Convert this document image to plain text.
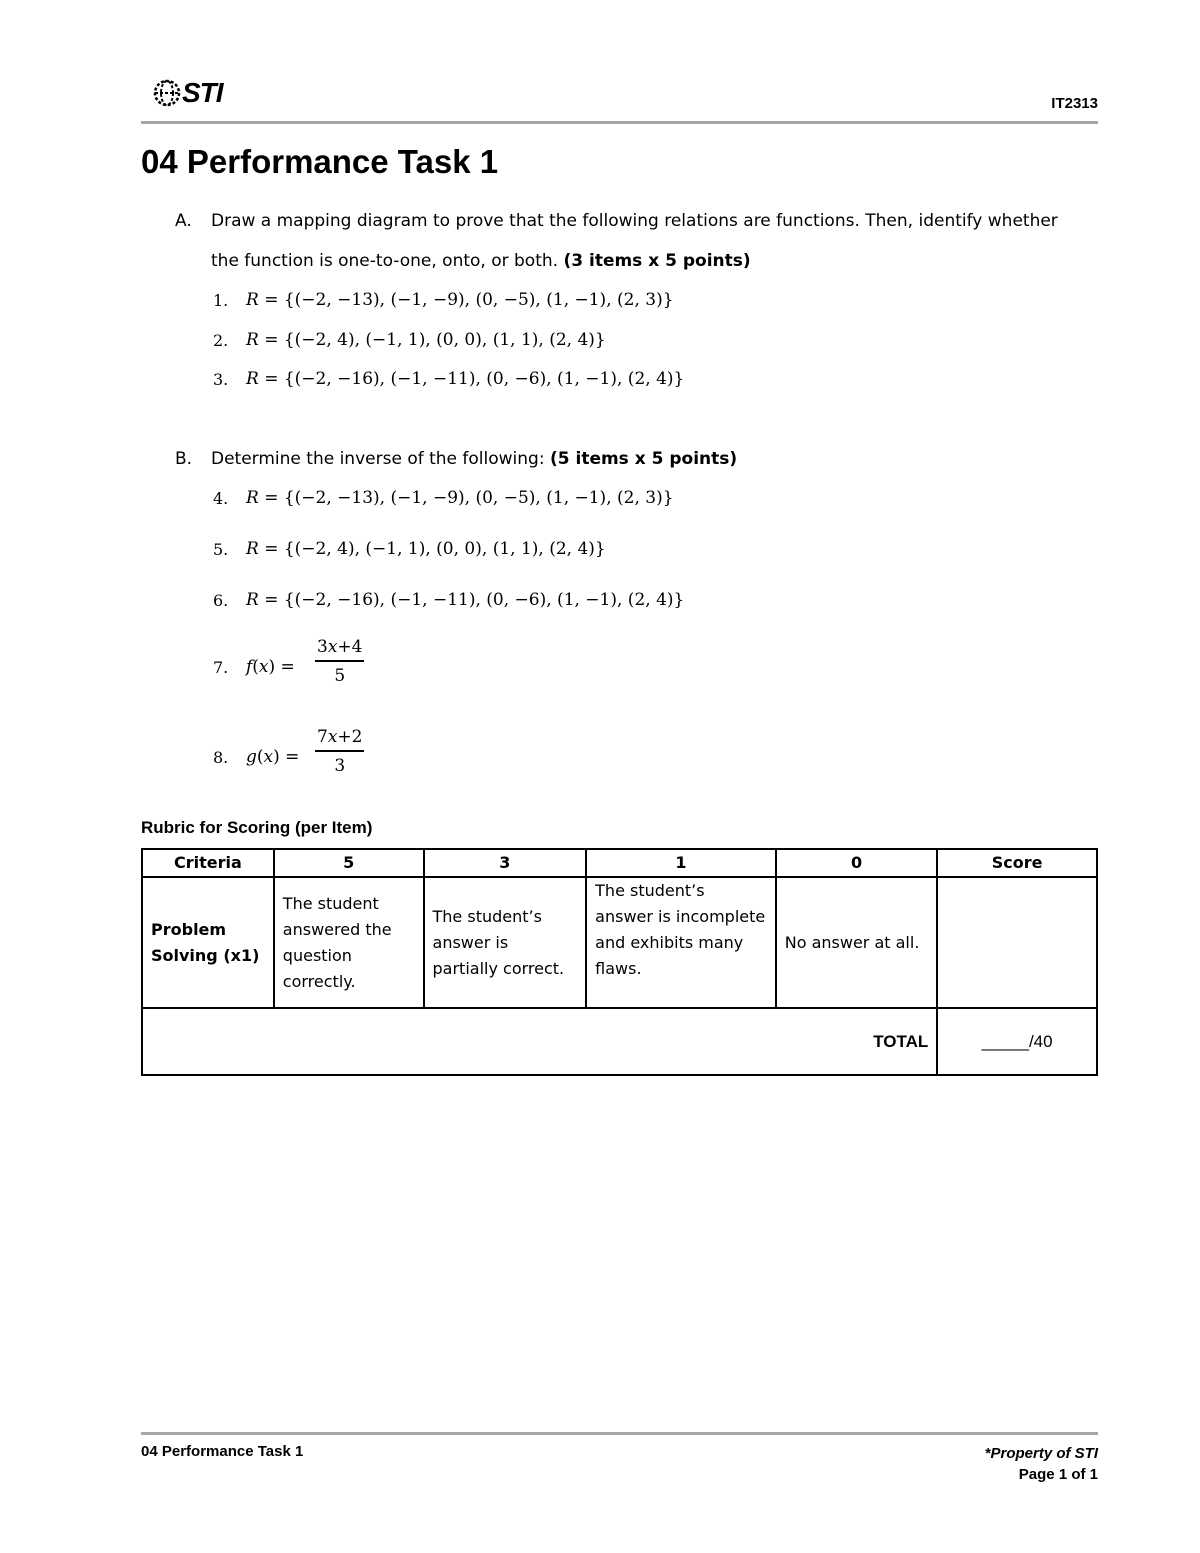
STI	IT2313
04 Performance Task 1
A. Draw a mapping diagram to prove that the following relations are functions. Then, identify whether
the function is one-to-one, onto, or both. (3 items x 5 points)
1. 𝑅 = {(−2, −13), (−1, −9), (0, −5), (1, −1), (2, 3)}
2. 𝑅 = {(−2, 4), (−1, 1), (0, 0), (1, 1), (2, 4)}
3. 𝑅 = {(−2, −16), (−1, −11), (0, −6), (1, −1), (2, 4)}
B. Determine the inverse of the following: (5 items x 5 points)
4. 𝑅 = {(−2, −13), (−1, −9), (0, −5), (1, −1), (2, 3)}
5. 𝑅 = {(−2, 4), (−1, 1), (0, 0), (1, 1), (2, 4)}
6. 𝑅 = {(−2, −16), (−1, −11), (0, −6), (1, −1), (2, 4)}
7. 𝑓(𝑥) =
3𝑥+4
5
8. 𝑔(𝑥) =
7𝑥+2
3
Rubric for Scoring (per Item)
Criteria	5	3	1	0	Score
Problem Solving (x1)	The student answered the question correctly.	The student’s answer is partially correct.	The student’s answer is incomplete and exhibits many flaws.	No answer at all.	
TOTAL					_____/40
04 Performance Task 1	*Property of STI
Page 1 of 1
